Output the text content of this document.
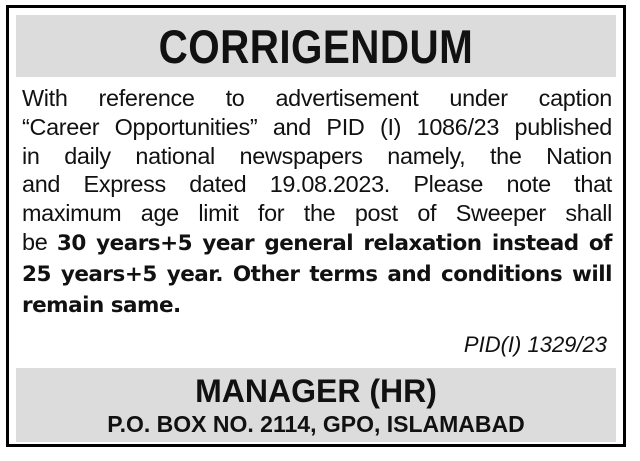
CORRIGENDUM
With reference to advertisement under caption
“Career Opportunities” and PID (I) 1086/23 published
in daily national newspapers namely, the Nation
and Express dated 19.08.2023. Please note that
maximum age limit for the post of Sweeper shall
be 30 years+5 year general relaxation instead of
25 years+5 year. Other terms and conditions will
remain same.
PID(I) 1329/23
MANAGER (HR)
P.O. BOX NO. 2114, GPO, ISLAMABAD
